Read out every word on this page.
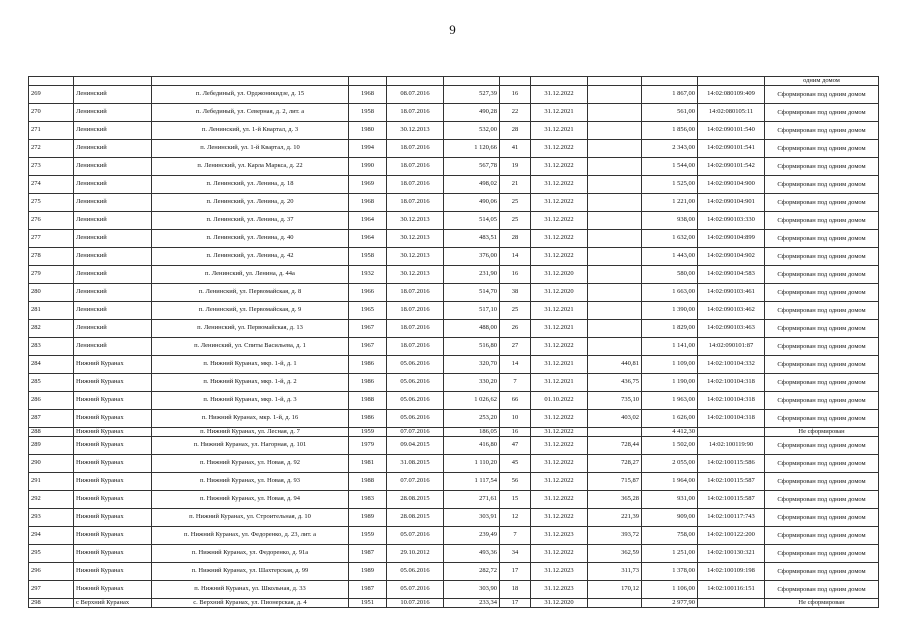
9
											одним домом
269	Ленинский	п. Лебединый, ул. Орджоникидзе, д. 15	1968	08.07.2016	527,39	16	31.12.2022		1 867,00	14:02:080109:409	Сформирован под одним домом
270	Ленинский	п. Лебединый, ул. Северная, д. 2, лит. а	1958	18.07.2016	490,28	22	31.12.2021		561,00	14:02:080105:11	Сформирован под одним домом
271	Ленинский	п. Ленинский, ул. 1-й Квартал, д. 3	1980	30.12.2013	532,00	28	31.12.2021		1 856,00	14:02:090101:540	Сформирован под одним домом
272	Ленинский	п. Ленинский, ул. 1-й Квартал, д. 10	1994	18.07.2016	1 120,66	41	31.12.2022		2 343,00	14:02:090101:541	Сформирован под одним домом
273	Ленинский	п. Ленинский, ул. Карла Маркса, д. 22	1990	18.07.2016	567,78	19	31.12.2022		1 544,00	14:02:090101:542	Сформирован под одним домом
274	Ленинский	п. Ленинский, ул. Ленина, д. 18	1969	18.07.2016	498,02	21	31.12.2022		1 525,00	14:02:090104:900	Сформирован под одним домом
275	Ленинский	п. Ленинский, ул. Ленина, д. 20	1968	18.07.2016	490,06	25	31.12.2022		1 221,00	14:02:090104:901	Сформирован под одним домом
276	Ленинский	п. Ленинский, ул. Ленина, д. 37	1964	30.12.2013	514,05	25	31.12.2022		938,00	14:02:090103:330	Сформирован под одним домом
277	Ленинский	п. Ленинский, ул. Ленина, д. 40	1964	30.12.2013	483,51	28	31.12.2022		1 632,00	14:02:090104:899	Сформирован под одним домом
278	Ленинский	п. Ленинский, ул. Ленина, д. 42	1958	30.12.2013	376,00	14	31.12.2022		1 443,00	14:02:090104:902	Сформирован под одним домом
279	Ленинский	п. Ленинский, ул. Ленина, д. 44а	1932	30.12.2013	231,90	16	31.12.2020		580,00	14:02:090104:583	Сформирован под одним домом
280	Ленинский	п. Ленинский, ул. Первомайская, д. 8	1966	18.07.2016	514,70	38	31.12.2020		1 663,00	14:02:090103:461	Сформирован под одним домом
281	Ленинский	п. Ленинский, ул. Первомайская, д. 9	1965	18.07.2016	517,10	25	31.12.2021		1 390,00	14:02:090103:462	Сформирован под одним домом
282	Ленинский	п. Ленинский, ул. Первомайская, д. 13	1967	18.07.2016	488,00	26	31.12.2021		1 829,00	14:02:090103:463	Сформирован под одним домом
283	Ленинский	п. Ленинский, ул. Спиты Васильева, д. 1	1967	18.07.2016	516,80	27	31.12.2022		1 141,00	14:02:090101:87	Сформирован под одним домом
284	Нижний Куранах	п. Нижний Куранах, мкр. 1-й, д. 1	1986	05.06.2016	320,70	14	31.12.2021	440,81	1 109,00	14:02:100104:332	Сформирован под одним домом
285	Нижний Куранах	п. Нижний Куранах, мкр. 1-й, д. 2	1986	05.06.2016	330,20	7	31.12.2021	436,75	1 190,00	14:02:100104:318	Сформирован под одним домом
286	Нижний Куранах	п. Нижний Куранах, мкр. 1-й, д. 3	1988	05.06.2016	1 026,62	66	01.10.2022	735,10	1 963,00	14:02:100104:318	Сформирован под одним домом
287	Нижний Куранах	п. Нижний Куранах, мкр. 1-й, д. 16	1986	05.06.2016	253,20	10	31.12.2022	403,02	1 626,00	14:02:100104:318	Сформирован под одним домом
288	Нижний Куранах	п. Нижний Куранах, ул. Лесная, д. 7	1959	07.07.2016	186,05	16	31.12.2022		4 412,30		Не сформирован
289	Нижний Куранах	п. Нижний Куранах, ул. Нагорная, д. 101	1979	09.04.2015	416,80	47	31.12.2022	728,44	1 502,00	14:02:100119:90	Сформирован под одним домом
290	Нижний Куранах	п. Нижний Куранах, ул. Новая, д. 92	1981	31.08.2015	1 110,20	45	31.12.2022	728,27	2 055,00	14:02:100115:586	Сформирован под одним домом
291	Нижний Куранах	п. Нижний Куранах, ул. Новая, д. 93	1988	07.07.2016	1 117,54	56	31.12.2022	715,87	1 964,00	14:02:100115:587	Сформирован под одним домом
292	Нижний Куранах	п. Нижний Куранах, ул. Новая, д. 94	1983	28.08.2015	271,61	15	31.12.2022	365,28	931,00	14:02:100115:587	Сформирован под одним домом
293	Нижний Куранах	п. Нижний Куранах, ул. Строительная, д. 10	1989	28.08.2015	303,91	12	31.12.2022	221,39	909,00	14:02:100117:743	Сформирован под одним домом
294	Нижний Куранах	п. Нижний Куранах, ул. Федоренко, д. 23, лит. а	1959	05.07.2016	239,49	7	31.12.2023	393,72	758,00	14:02:100122:200	Сформирован под одним домом
295	Нижний Куранах	п. Нижний Куранах, ул. Федоренко, д. 91а	1987	29.10.2012	493,36	34	31.12.2022	362,59	1 251,00	14:02:100130:321	Сформирован под одним домом
296	Нижний Куранах	п. Нижний Куранах, ул. Шахтерская, д. 99	1989	05.06.2016	282,72	17	31.12.2023	311,73	1 378,00	14:02:100109:198	Сформирован под одним домом
297	Нижний Куранах	п. Нижний Куранах, ул. Школьная, д. 33	1987	05.07.2016	303,90	18	31.12.2023	170,12	1 106,00	14:02:100116:151	Сформирован под одним домом
298	с Верхний Куранах	с. Верхний Куранах, ул. Пионерская, д. 4	1951	10.07.2016	233,34	17	31.12.2020		2 977,90		Не сформирован
